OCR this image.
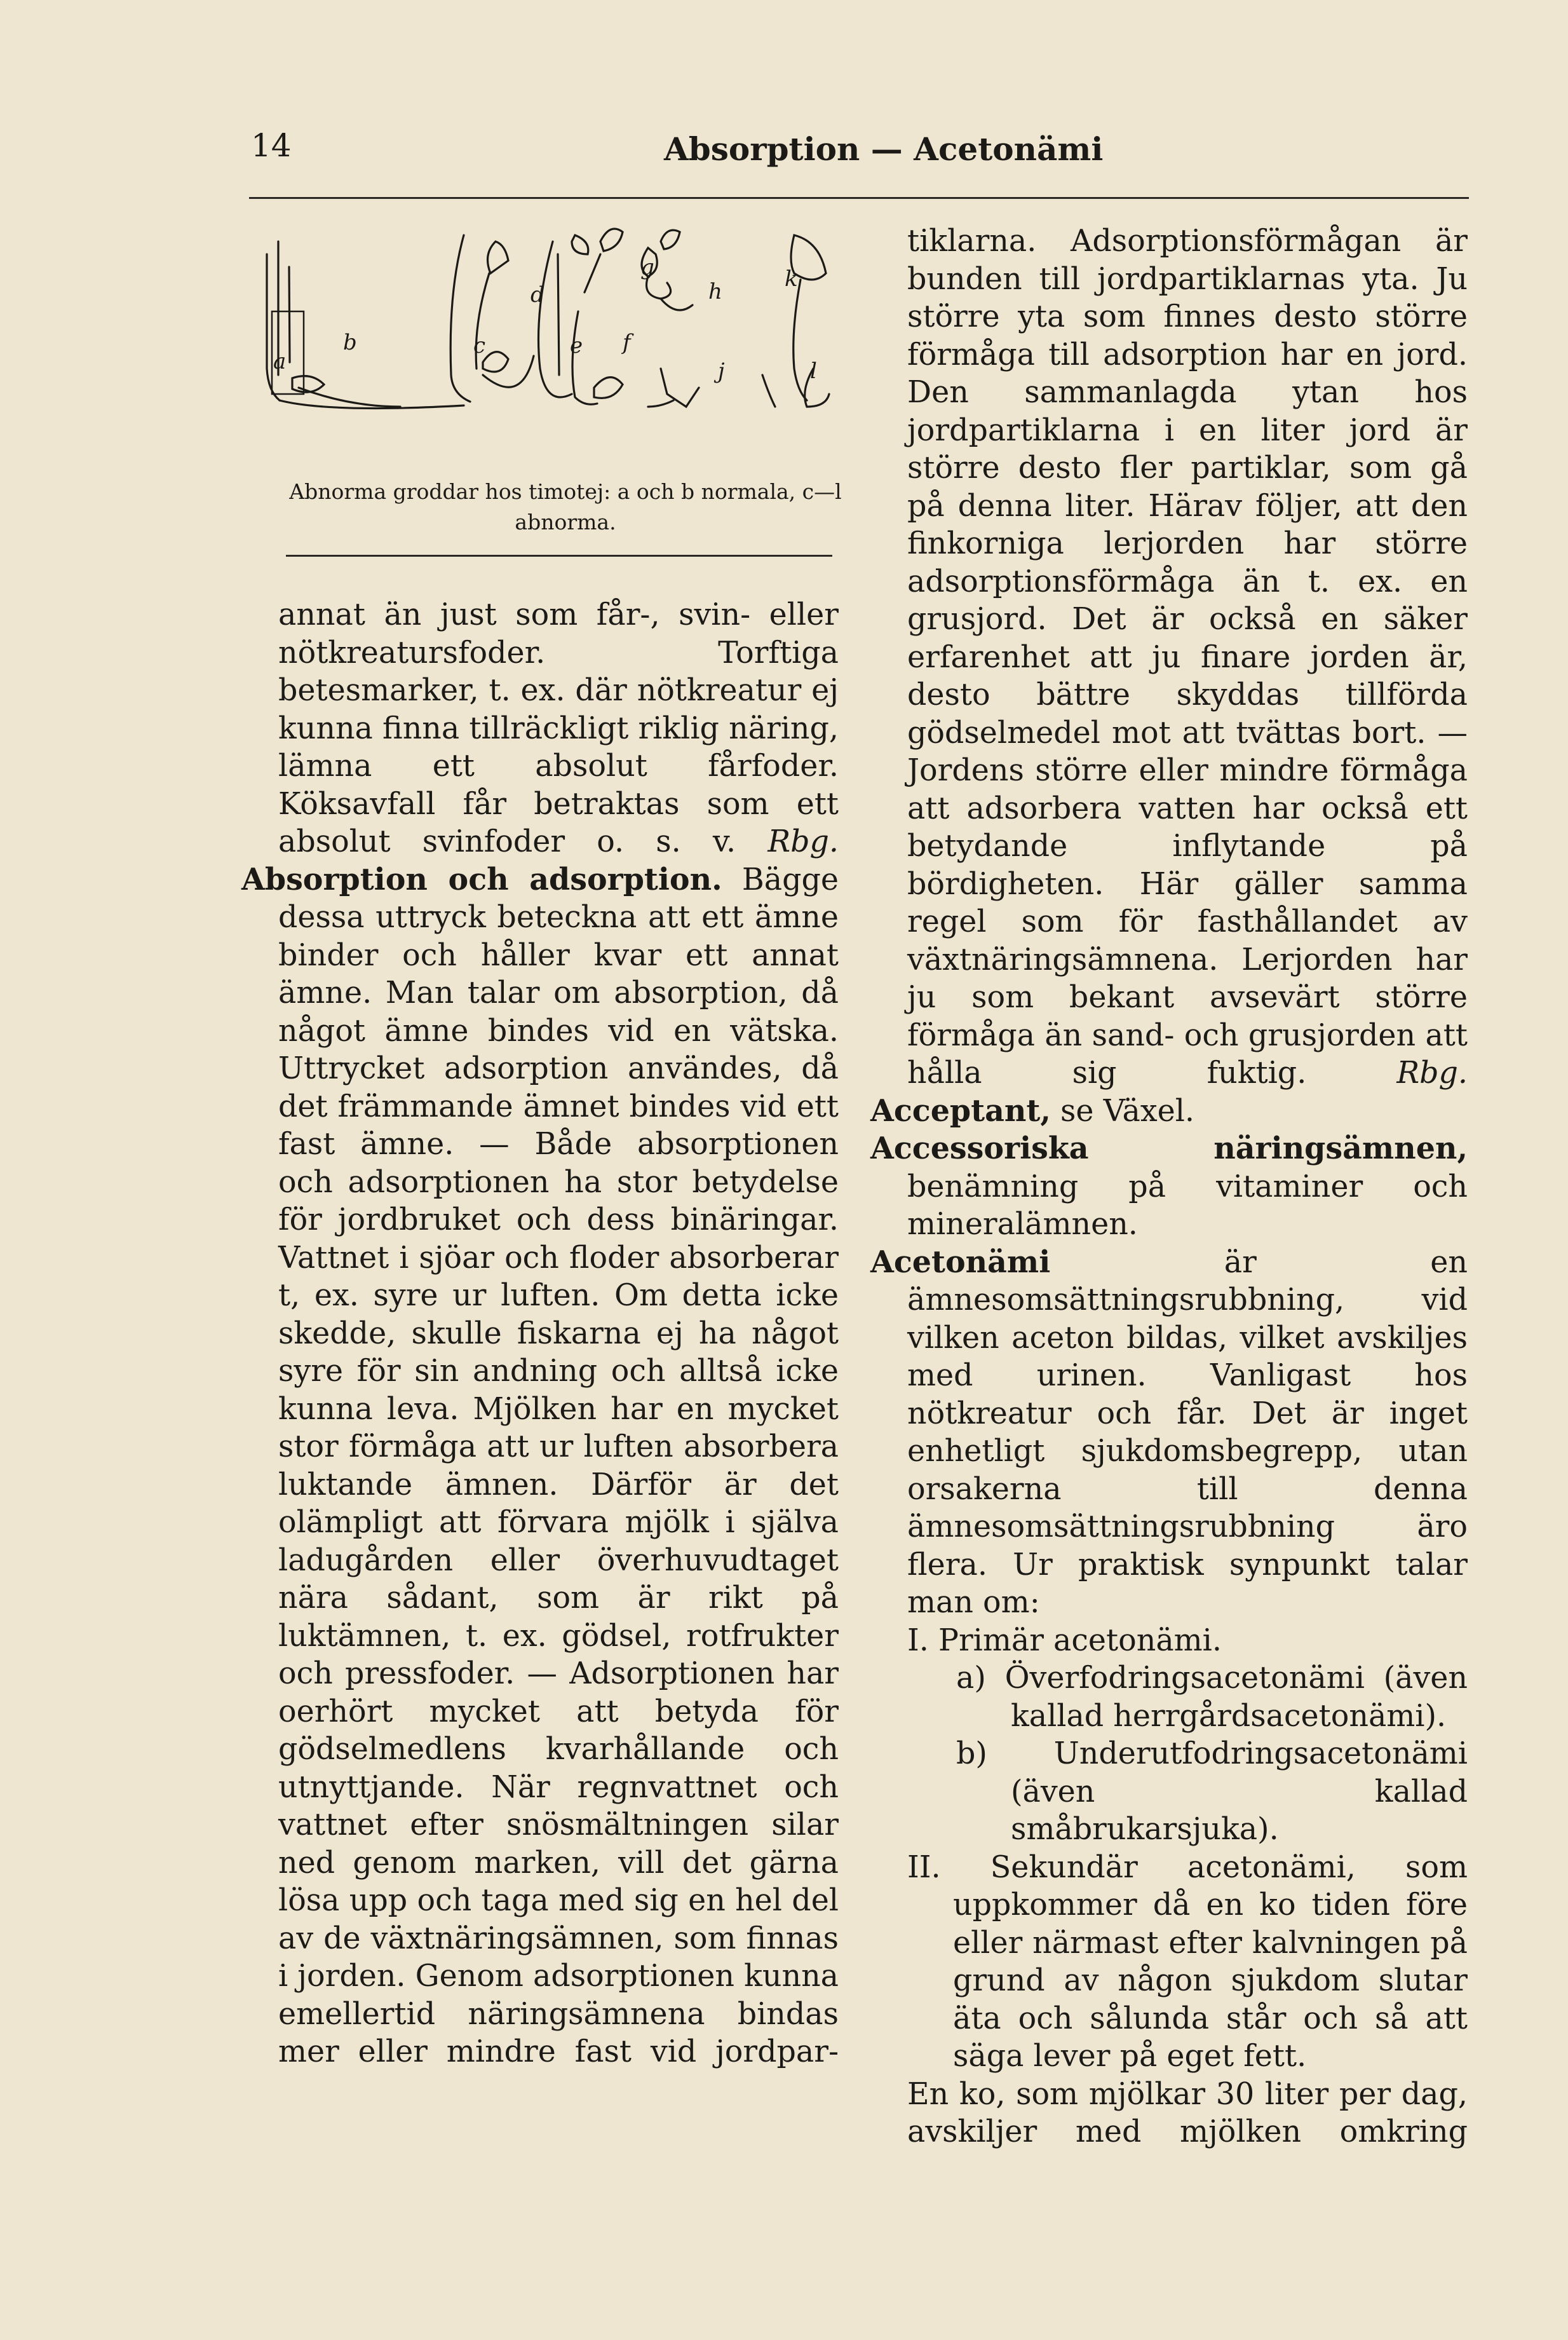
14	Absorption — Acetonämi
a
b	c
d
e f
g
h
j
k
l
Abnorma groddar hos timotej: a och b normala, c—l abnorma.

annat än just som får-, svin- eller nötkreatursfoder. Torftiga betesmarker, t. ex. där nötkreatur ej kunna finna tillräckligt riklig näring, lämna ett absolut fårfoder. Köksavfall får betraktas som ett absolut svinfoder o. s. v. Rbg.

Absorption och adsorption. Bägge dessa uttryck beteckna att ett ämne binder och håller kvar ett annat ämne. Man talar om absorption, då något ämne bindes vid en vätska. Uttrycket adsorption användes, då det främmande ämnet bindes vid ett fast ämne. — Både absorptionen och adsorptionen ha stor betydelse för jordbruket och dess binäringar. Vattnet i sjöar och floder absorberar t, ex. syre ur luften. Om detta icke skedde, skulle fiskarna ej ha något syre för sin andning och alltså icke kunna leva. Mjölken har en mycket stor förmåga att ur luften absorbera luktande ämnen. Därför är det olämpligt att förvara mjölk i själva ladugården eller överhuvudtaget nära sådant, som är rikt på luktämnen, t. ex. gödsel, rotfrukter och pressfoder. — Adsorptionen har oerhört mycket att betyda för gödselmedlens kvarhållande och utnyttjande. När regnvattnet och vattnet efter snösmältningen silar ned genom marken, vill det gärna lösa upp och taga med sig en hel del av de växtnäringsämnen, som finnas i jorden. Genom adsorptionen kunna emellertid näringsämnena bindas mer eller mindre fast vid jordpar-

tiklarna. Adsorptionsförmågan är bunden till jordpartiklarnas yta. Ju större yta som finnes desto större förmåga till adsorption har en jord. Den sammanlagda ytan hos jordpartiklarna i en liter jord är större desto fler partiklar, som gå på denna liter. Härav följer, att den finkorniga lerjorden har större adsorptionsförmåga än t. ex. en grusjord. Det är också en säker erfarenhet att ju finare jorden är, desto bättre skyddas tillförda gödselmedel mot att tvättas bort. — Jordens större eller mindre förmåga att adsorbera vatten har också ett betydande inflytande på bördigheten. Här gäller samma regel som för fasthållandet av växtnäringsämnena. Lerjorden har ju som bekant avsevärt större förmåga än sand- och grusjorden att hålla sig fuktig.	Rbg.

Acceptant, se Växel.

Accessoriska näringsämnen, benämning på vitaminer och mineralämnen.

Acetonämi	är en ämnesomsättningsrubbning, vid vilken aceton bildas, vilket avskiljes med urinen. Vanligast hos nötkreatur och får. Det är inget enhetligt sjukdomsbegrepp, utan orsakerna till denna ämnesomsättningsrubbning äro flera. Ur praktisk synpunkt talar man om:

I. Primär acetonämi.

a) Överfodringsacetonämi (även kallad herrgårdsacetonämi).

b) Underutfodringsacetonämi (även kallad småbrukarsjuka).

II. Sekundär acetonämi, som uppkommer då en ko tiden före eller närmast efter kalvningen på grund av någon sjukdom slutar äta och sålunda står och så att säga lever på eget fett.

En ko, som mjölkar 30 liter per dag, avskiljer med mjölken omkring
